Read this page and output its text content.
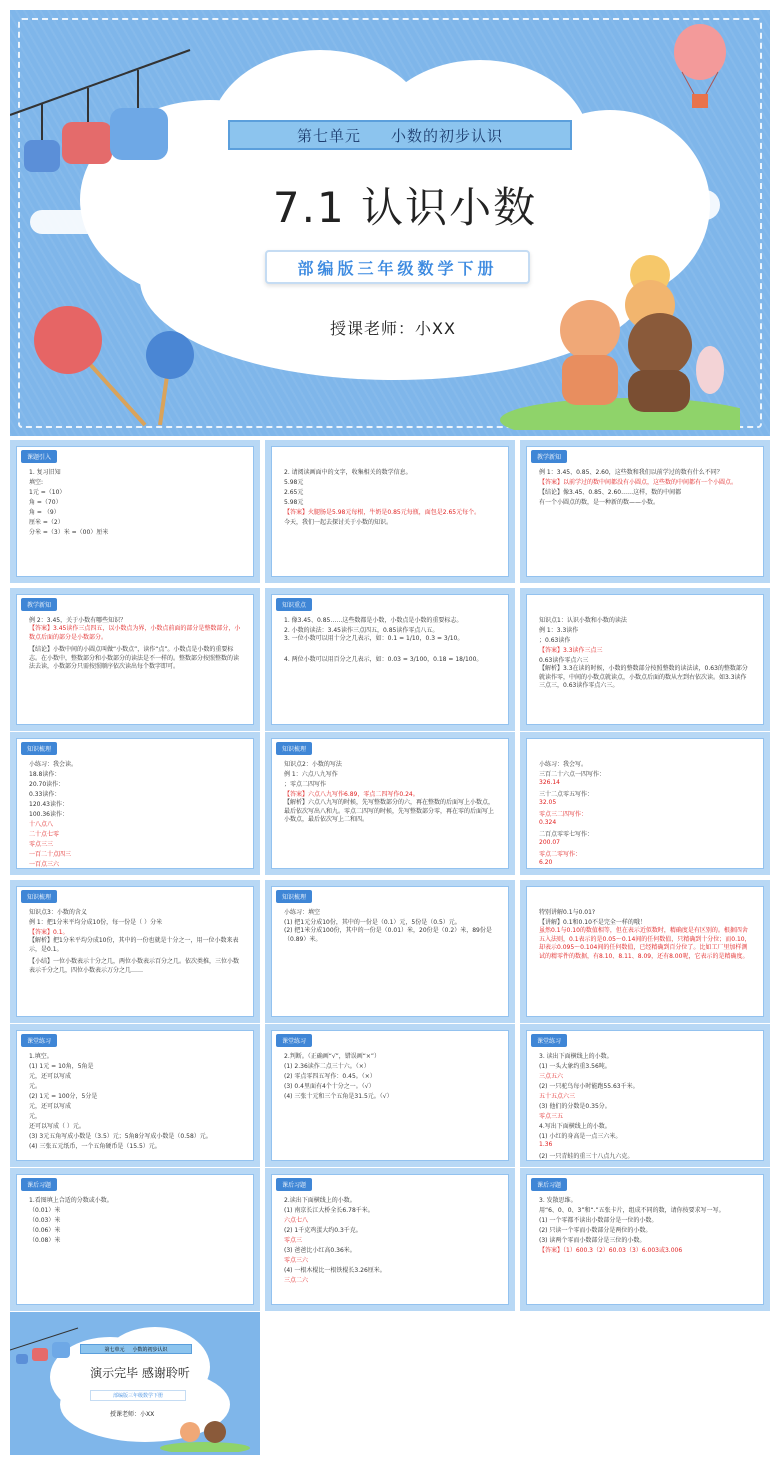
第七单元 小数的初步认识
7.1 认识小数
部编版三年级数学下册
授课老师：小XX
课题引入
1. 复习旧知
填空:
1元 =（10）
角 =（70）
角 = （9）
厘米 =（2）
分米 =（3）米 =（00）厘米
2. 请阅读画面中的文字，收集相关的数学信息。
5.98元
2.65元
5.98元
【答案】火腿肠是5.98元每根，牛奶是0.85元每瓶，面包是2.65元每个。
今天，我们一起去探讨关于小数的知识。
教学新知
例 1：3.45、0.85、2.60，这些数和我们以前学过的数有什么不同？
【答案】以前学过的数中间都没有小圆点，这些数的中间都有一个小圆点。
【结论】像3.45、0.85、2.60……这样，数的中间都
有一个小圆点的数，是一种新的数——小数。
教学新知
例 2：3.45，关于小数有哪些知识？
【答案】3.45读作三点四五，以小数点为界，小数点前面的部分是整数部分，小数点后面的部分是小数部分。
【结论】小数中间的小圆点叫做“小数点”，读作“点”。小数点是小数的重要标志。在小数中，整数部分和小数部分的读法是不一样的。整数部分按照整数的读法去读，小数部分只需按照顺序依次读出每个数字即可。
知识重点
1. 像3.45、0.85……这些数都是小数，小数点是小数的重要标志。
2. 小数的读法：3.45读作三点四五，0.85读作零点八五。
3. 一位小数可以用十分之几表示，如：0.1 = 1/10，0.3 = 3/10。
4. 两位小数可以用百分之几表示，如：0.03 = 3/100，0.18 = 18/100。
知识点1：认识小数和小数的读法
例 1：3.3读作
；0.63读作
【答案】3.3读作三点三
0.63读作零点六三
【解析】3.3在读的时候，小数的整数部分按照整数的读法读，0.63的整数部分就读作零，中间的小数点就读点，小数点后面的数从左到右依次读。如3.3读作三点三，0.63读作零点六三。
知识梳理
小练习：我会读。
18.8读作：
20.70读作：
0.33读作：
120.43读作：
100.36读作：
十八点八
二十点七零
零点三三
一百二十点四三
一百点三六
知识梳理
知识点2：小数的写法
例 1：六点八九写作
；零点二四写作
【答案】六点八九写作6.89，零点二四写作0.24。
【解析】六点八九写的时候，先写整数部分的六，再在整数的后面写上小数点，最后依次写出八和九。零点二四写的时候，先写整数部分零，再在零的后面写上小数点，最后依次写上二和四。
小练习：我会写。
三百二十六点一四写作：
326.14
三十二点零五写作：
32.05
零点三二四写作：
0.324
二百点零零七写作：
200.07
零点二零写作：
6.20
知识梳理
知识点3：小数的含义
例 1：把1分米平均分成10份，每一份是（ ）分米
【答案】0.1。
【解析】把1分米平均分成10份，其中的一份也就是十分之一，用一位小数来表示，是0.1。
【小结】一位小数表示十分之几，两位小数表示百分之几。依次类推，三位小数表示千分之几，四位小数表示万分之几……
知识梳理
小练习：填空
(1) 把1元分成10份，其中的一份是（0.1）元，5份是（0.5）元。
(2) 把1米分成100份，其中的一份是（0.01）米，20份是（0.2）米，89份是（0.89）米。
特别讲解0.1与0.01?
【讲解】0.1和0.10不是完全一样的哦！
虽然0.1与0.10的数值相等，但在表示近似数时，精确度是有区别的。根据四舍五入法则，0.1表示的是0.05～0.14间的任何数值，只精确到十分位；而0.10，却表示0.095～0.104间的任何数值，已经精确到百分位了。比如工厂里加样测试的精零件的数据，有8.10、8.11、8.09，还有8.00呢，它表示的是精确度。
课堂练习
1.填空。
(1) 1元 = 10角，5角是
元，还可以写成
元。
(2) 1元 = 100分，5分是
元，还可以写成
元，
还可以写成（ ）元。
(3) 3元五角写成小数是（3.5）元；5角8分写成小数是（0.58）元。
(4) 三张五元纸币，一个五角硬币是（15.5）元。
课堂练习
2.判断。（正确画“√”，错误画“×”）
(1) 2.36读作二点三十六。（×）
(2) 零点零四五写作：0.45。（×）
(3) 0.4里面有4个十分之一。（√）
(4) 三张十元和三个五角是31.5元。（√）
课堂练习
3. 读出下面横线上的小数。
(1) 一头大象约重3.56吨。
三点五六
(2) 一只驼鸟每小时能跑55.63千米。
五十五点六三
(3) 他们的分数是0.35分。
零点三五
4.写出下面横线上的小数。
(1) 小红的身高是一点三六米。
1.36
(2) 一只青蛙的重三十八点九六克。
课后习题
1.看图填上合适的分数或小数。
（0.01）米
（0.03）米
（0.06）米
（0.08）米
课后习题
2.读出下面横线上的小数。
(1) 南京长江大桥全长6.78千米。
六点七八
(2) 1千克鸡蛋大约0.3千克。
零点三
(3) 爸爸比小红高0.36米。
零点三六
(4) 一根木棍比一根铁棍长3.26厘米。
三点二六
课后习题
3. 发散思维。
用“6、0、0、3”和“.”五张卡片，组成不同的数，请你按要求写一写。
(1) 一个零都不读出小数部分是一位的小数。
(2) 只读一个零而小数部分是两位的小数。
(3) 读两个零而小数部分是三位的小数。
【答案】（1）600.3（2）60.03（3）6.003或3.006
第七单元 小数的初步认识
演示完毕 感谢聆听
部编版三年级数学下册
授课老师：小XX
